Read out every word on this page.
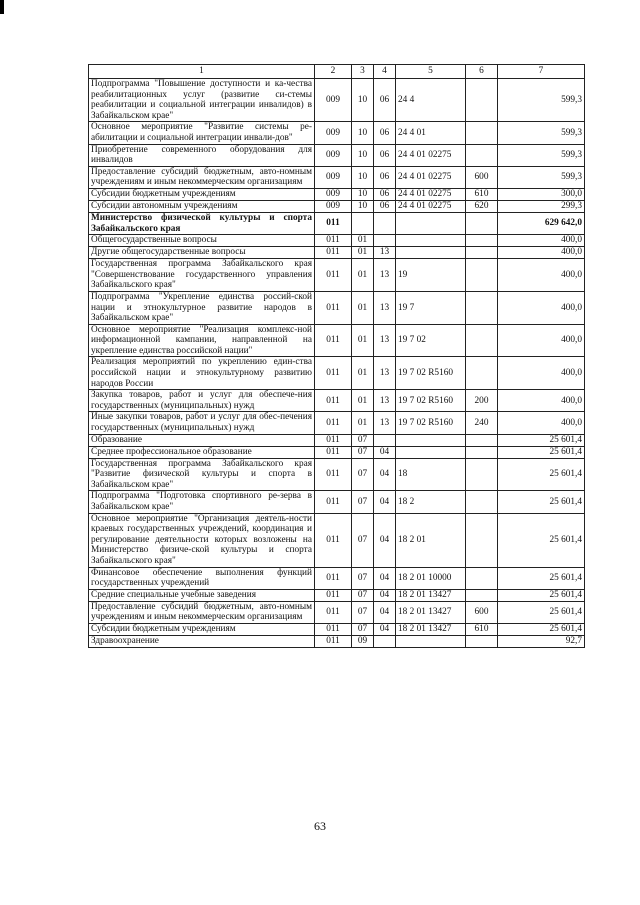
1	2	3	4	5	6	7
Подпрограмма "Повышение доступности и ка-чества реабилитационных услуг (развитие си-стемы реабилитации и социальной интеграции инвалидов) в Забайкальском крае"	009	10	06	24 4		599,3
Основное мероприятие "Развитие системы ре-абилитации и социальной интеграции инвали-дов"	009	10	06	24 4 01		599,3
Приобретение современного оборудования для инвалидов	009	10	06	24 4 01 02275		599,3
Предоставление субсидий бюджетным, авто-номным учреждениям и иным некоммерческим организациям	009	10	06	24 4 01 02275	600	599,3
Субсидии бюджетным учреждениям	009	10	06	24 4 01 02275	610	300,0
Субсидии автономным учреждениям	009	10	06	24 4 01 02275	620	299,3
Министерство физической культуры и спорта Забайкальского края	011					629 642,0
Общегосударственные вопросы	011	01				400,0
Другие общегосударственные вопросы	011	01	13			400,0
Государственная программа Забайкальского края "Совершенствование государственного управления Забайкальского края"	011	01	13	19		400,0
Подпрограмма "Укрепление единства россий-ской нации и этнокультурное развитие народов в Забайкальском крае"	011	01	13	19 7		400,0
Основное мероприятие "Реализация комплекс-ной информационной кампании, направленной на укрепление единства российской нации"	011	01	13	19 7 02		400,0
Реализация мероприятий по укреплению един-ства российской нации и этнокультурному развитию народов России	011	01	13	19 7 02 R5160		400,0
Закупка товаров, работ и услуг для обеспече-ния государственных (муниципальных) нужд	011	01	13	19 7 02 R5160	200	400,0
Иные закупки товаров, работ и услуг для обес-печения государственных (муниципальных) нужд	011	01	13	19 7 02 R5160	240	400,0
Образование	011	07				25 601,4
Среднее профессиональное образование	011	07	04			25 601,4
Государственная программа Забайкальского края "Развитие физической культуры и спорта в Забайкальском крае"	011	07	04	18		25 601,4
Подпрограмма "Подготовка спортивного ре-зерва в Забайкальском крае"	011	07	04	18 2		25 601,4
Основное мероприятие "Организация деятель-ности краевых государственных учреждений, координация и регулирование деятельности которых возложены на Министерство физиче-ской культуры и спорта Забайкальского края"	011	07	04	18 2 01		25 601,4
Финансовое обеспечение выполнения функций государственных учреждений	011	07	04	18 2 01 10000		25 601,4
Средние специальные учебные заведения	011	07	04	18 2 01 13427		25 601,4
Предоставление субсидий бюджетным, авто-номным учреждениям и иным некоммерческим организациям	011	07	04	18 2 01 13427	600	25 601,4
Субсидии бюджетным учреждениям	011	07	04	18 2 01 13427	610	25 601,4
Здравоохранение	011	09				92,7
63
